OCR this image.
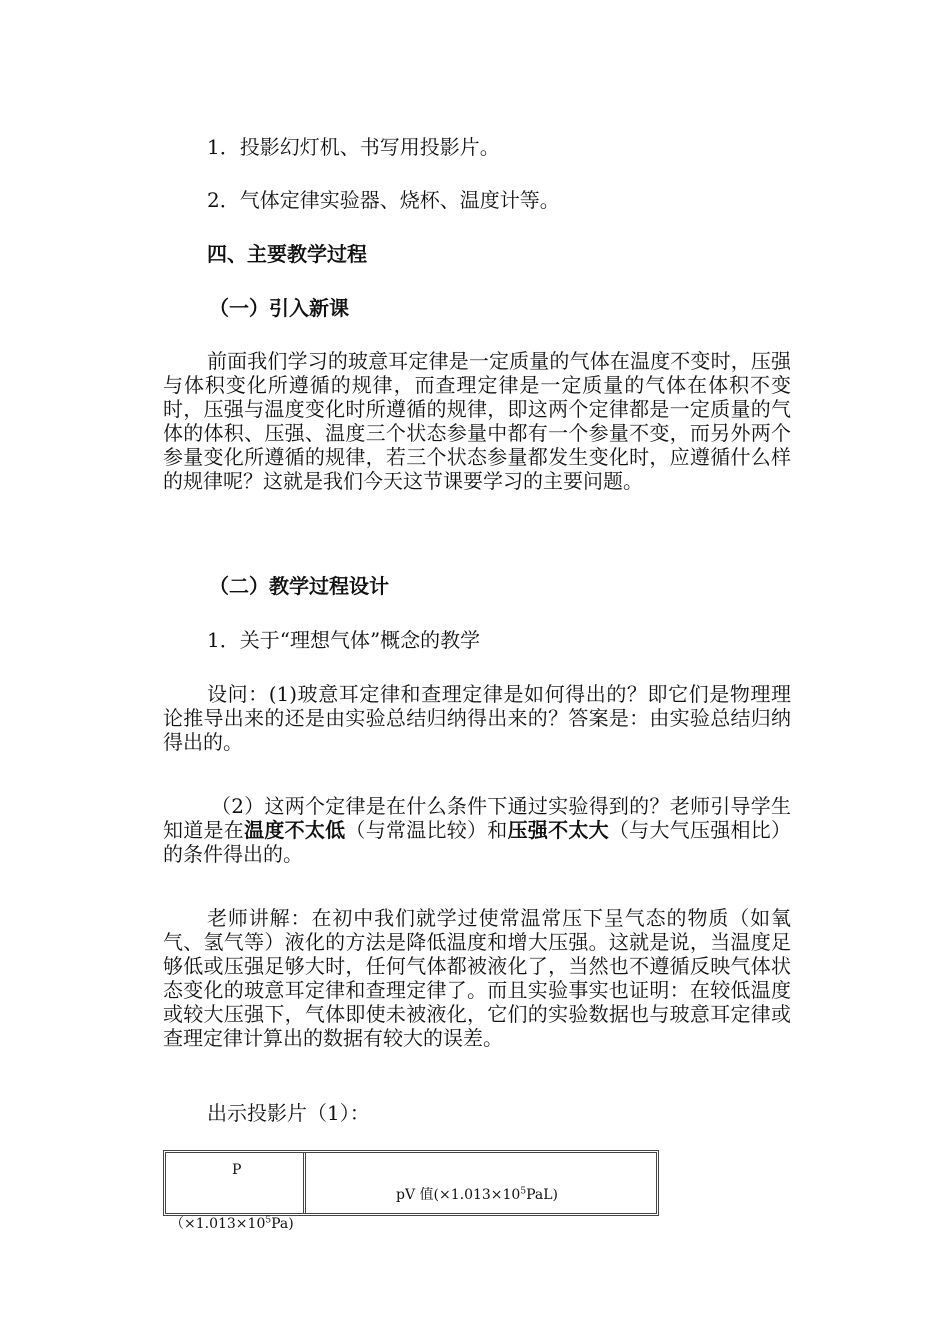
1．投影幻灯机、书写用投影片。
2．气体定律实验器、烧杯、温度计等。
四、主要教学过程
（一）引入新课

前面我们学习的玻意耳定律是一定质量的气体在温度不变时，压强与体积变化所遵循的规律，而查理定律是一定质量的气体在体积不变时，压强与温度变化时所遵循的规律，即这两个定律都是一定质量的气体的体积、压强、温度三个状态参量中都有一个参量不变，而另外两个参量变化所遵循的规律，若三个状态参量都发生变化时，应遵循什么样的规律呢？这就是我们今天这节课要学习的主要问题。

（二）教学过程设计
1．关于“理想气体”概念的教学

设问：(1)玻意耳定律和查理定律是如何得出的？即它们是物理理论推导出来的还是由实验总结归纳得出来的？答案是：由实验总结归纳得出的。

（2）这两个定律是在什么条件下通过实验得到的？老师引导学生知道是在温度不太低（与常温比较）和压强不太大（与大气压强相比）的条件得出的。

老师讲解：在初中我们就学过使常温常压下呈气态的物质（如氧气、氢气等）液化的方法是降低温度和增大压强。这就是说，当温度足够低或压强足够大时，任何气体都被液化了，当然也不遵循反映气体状态变化的玻意耳定律和查理定律了。而且实验事实也证明：在较低温度或较大压强下，气体即使未被液化，它们的实验数据也与玻意耳定律或查理定律计算出的数据有较大的误差。

出示投影片（1）：
P
pV 值$(\times 1.013\times 10^5PaL)$
$(\times 1.013\times 10^5Pa)$
